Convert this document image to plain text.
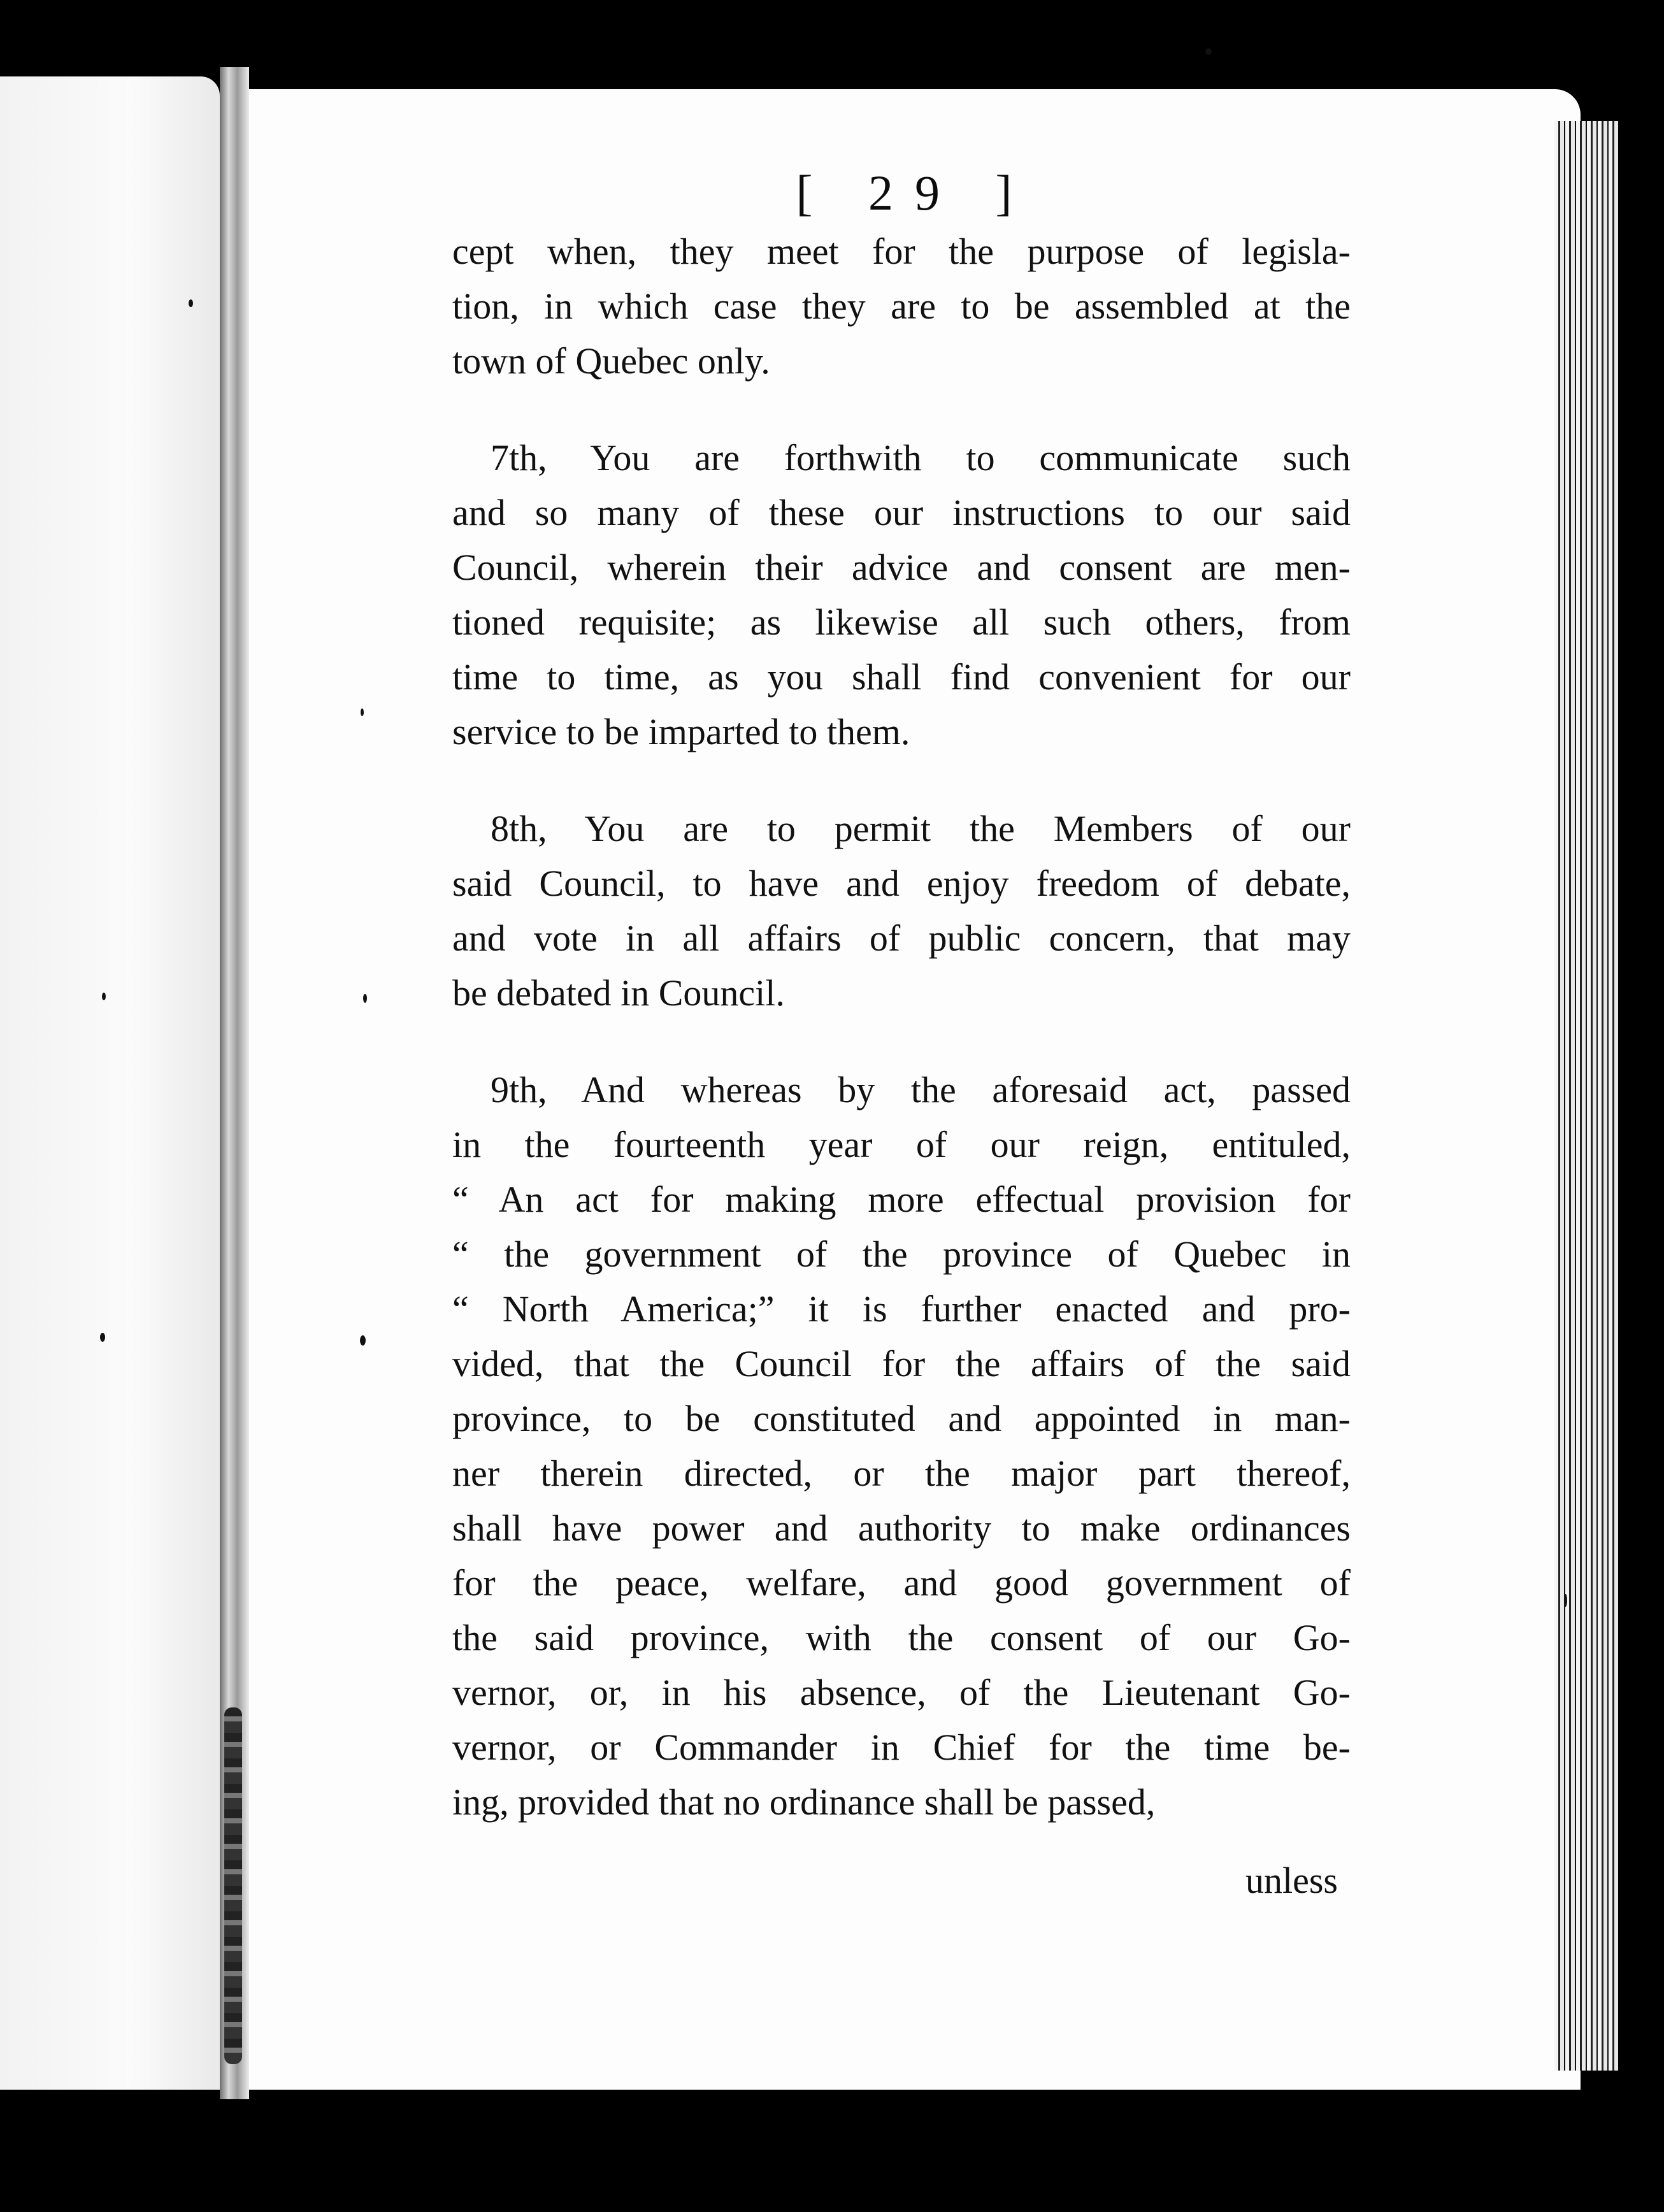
[ 29 ]
cept when, they meet for the purpose of legisla-
tion, in which case they are to be assembled at the
town of Quebec only.
7th, You are forthwith to communicate such
and so many of these our instructions to our said
Council, wherein their advice and consent are men-
tioned requisite; as likewise all such others, from
time to time, as you shall find convenient for our
service to be imparted to them.
8th, You are to permit the Members of our
said Council, to have and enjoy freedom of debate,
and vote in all affairs of public concern, that may
be debated in Council.
9th, And whereas by the aforesaid act, passed
in the fourteenth year of our reign, entituled,
“ An act for making more effectual provision for
“ the government of the province of Quebec in
“ North America;” it is further enacted and pro-
vided, that the Council for the affairs of the said
province, to be constituted and appointed in man-
ner therein directed, or the major part thereof,
shall have power and authority to make ordinances
for the peace, welfare, and good government of
the said province, with the consent of our Go-
vernor, or, in his absence, of the Lieutenant Go-
vernor, or Commander in Chief for the time be-
ing, provided that no ordinance shall be passed,
unless
